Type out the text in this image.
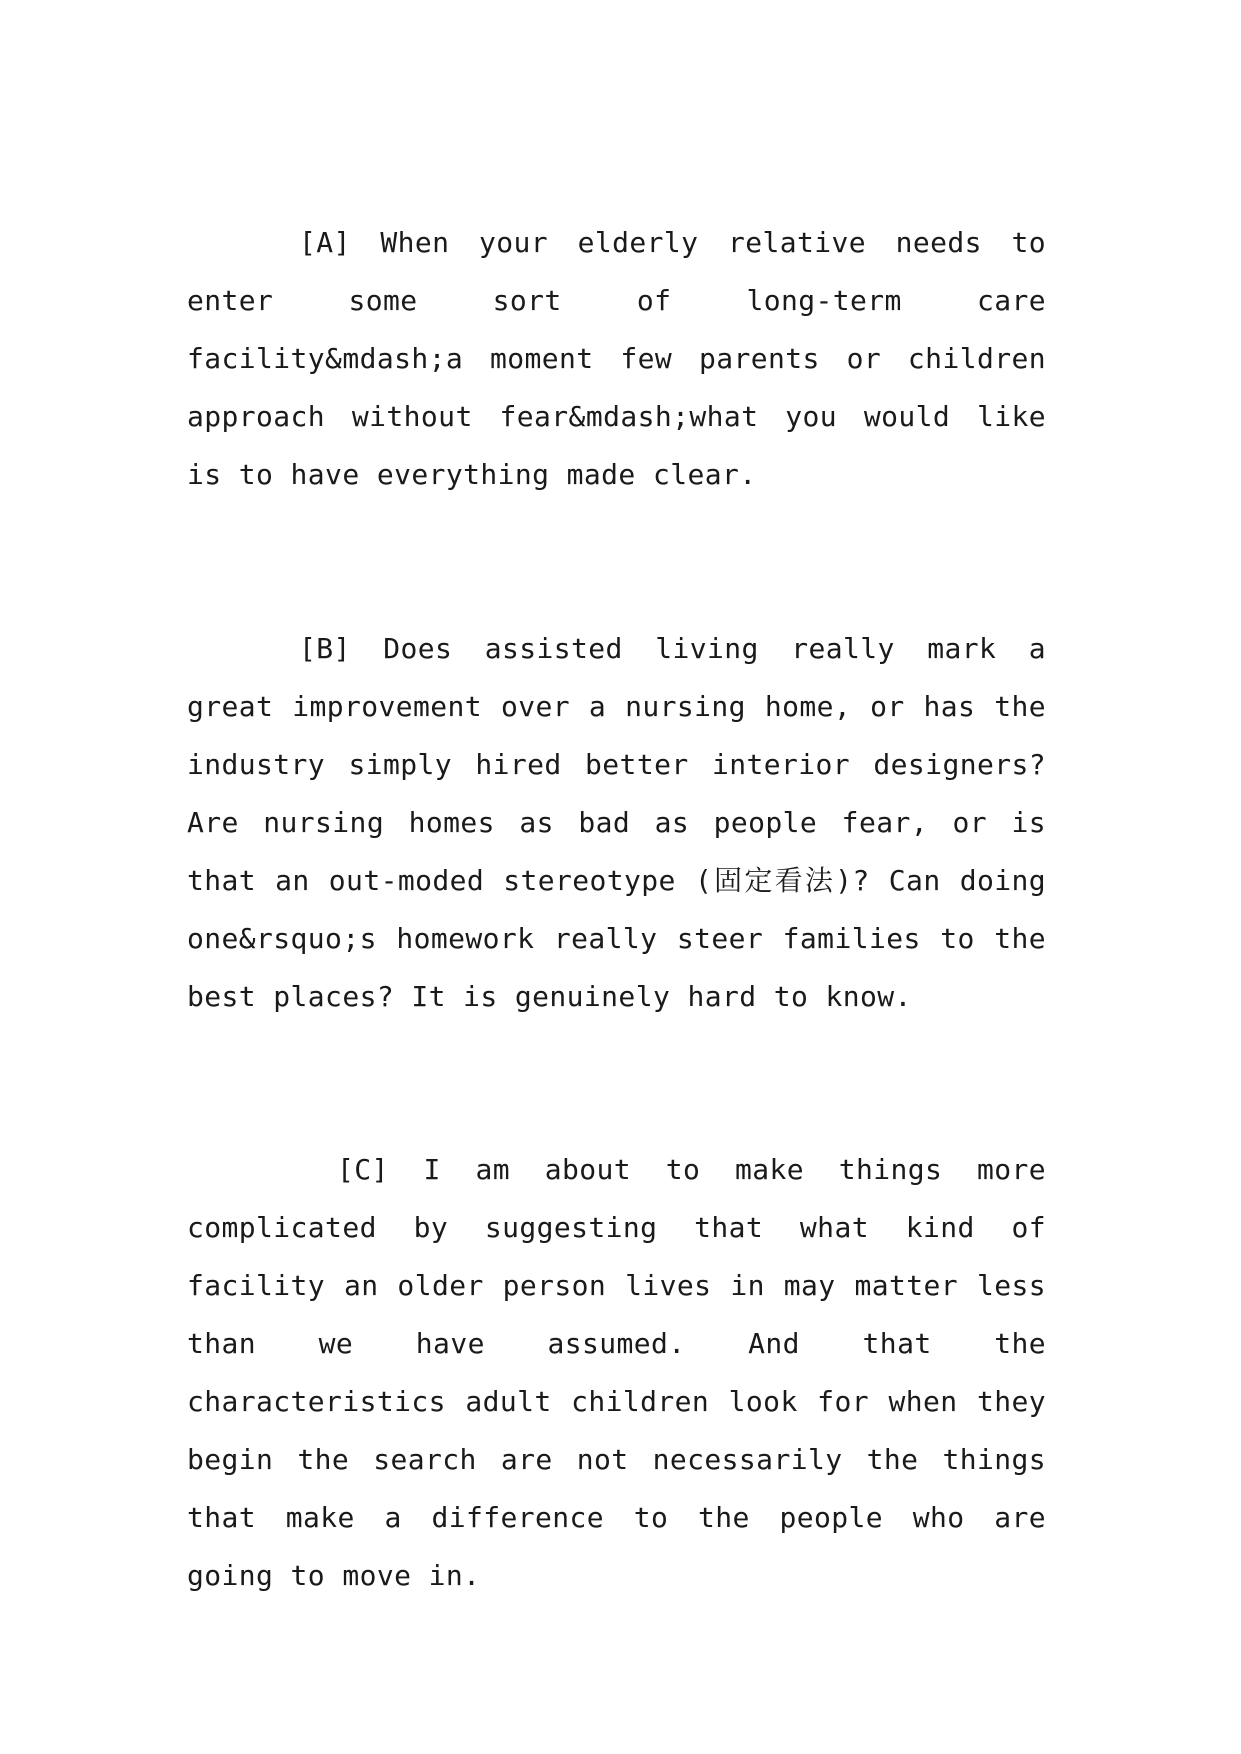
[A] When your elderly relative needs to enter some sort of long-term care facility&mdash;a moment few parents or children approach without fear&mdash;what you would like is to have everything made clear.

[B] Does assisted living really mark a great improvement over a nursing home, or has the industry simply hired better interior designers? Are nursing homes as bad as people fear, or is that an out-moded stereotype (固定看法)? Can doing one&rsquo;s homework really steer families to the best places? It is genuinely hard to know.

[C] I am about to make things more complicated by suggesting that what kind of facility an older person lives in may matter less than we have assumed. And that the characteristics adult children look for when they begin the search are not necessarily the things that make a difference to the people who are going to move in.
